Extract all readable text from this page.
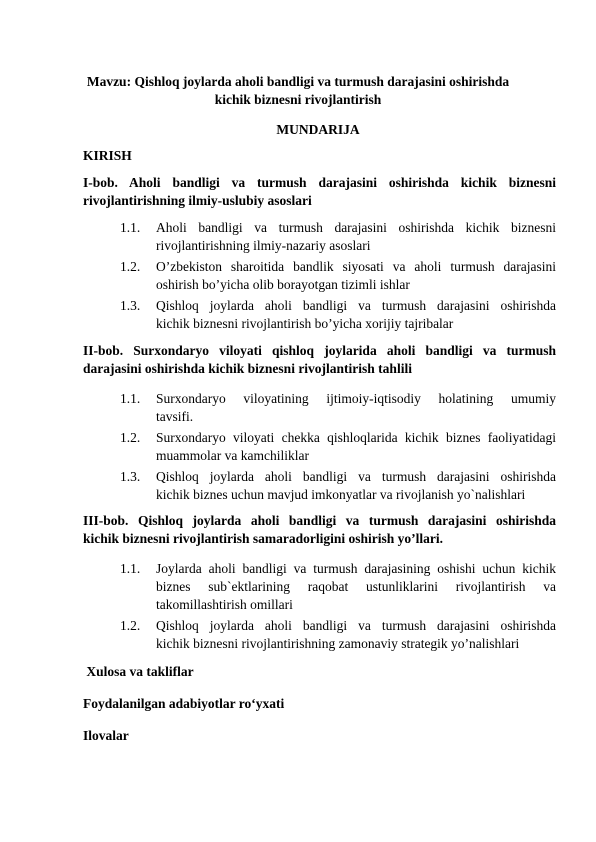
Mavzu: Qishloq joylarda aholi bandligi va turmush darajasini oshirishda
kichik biznesni rivojlantirish
MUNDARIJA
KIRISH
I-bob. Aholi bandligi va turmush darajasini oshirishda kichik biznesni
rivojlantirishning ilmiy-uslubiy asoslari
1.1.	Aholi bandligi va turmush darajasini oshirishda kichik biznesni
rivojlantirishning ilmiy-nazariy asoslari
1.2.	O’zbekiston sharoitida bandlik siyosati va aholi turmush darajasini
oshirish bo’yicha olib borayotgan tizimli ishlar
1.3.	Qishloq joylarda aholi bandligi va turmush darajasini oshirishda
kichik biznesni rivojlantirish bo’yicha xorijiy tajribalar
II-bob. Surxondaryo viloyati qishloq joylarida aholi bandligi va turmush
darajasini oshirishda kichik biznesni rivojlantirish tahlili
1.1.	Surxondaryo viloyatining ijtimoiy-iqtisodiy holatining umumiy
tavsifi.
1.2.	Surxondaryo viloyati chekka qishloqlarida kichik biznes faoliyatidagi
muammolar va kamchiliklar
1.3.	Qishloq joylarda aholi bandligi va turmush darajasini oshirishda
kichik biznes uchun mavjud imkonyatlar va rivojlanish yo`nalishlari
III-bob. Qishloq joylarda aholi bandligi va turmush darajasini oshirishda
kichik biznesni rivojlantirish samaradorligini oshirish yo’llari.
1.1.	Joylarda aholi bandligi va turmush darajasining oshishi uchun kichik
biznes sub`ektlarining raqobat ustunliklarini rivojlantirish va
takomillashtirish omillari
1.2.	Qishloq joylarda aholi bandligi va turmush darajasini oshirishda
kichik biznesni rivojlantirishning zamonaviy strategik yo’nalishlari
Xulosa va takliflar
Foydalanilgan adabiyotlar ro‘yxati
Ilovalar
